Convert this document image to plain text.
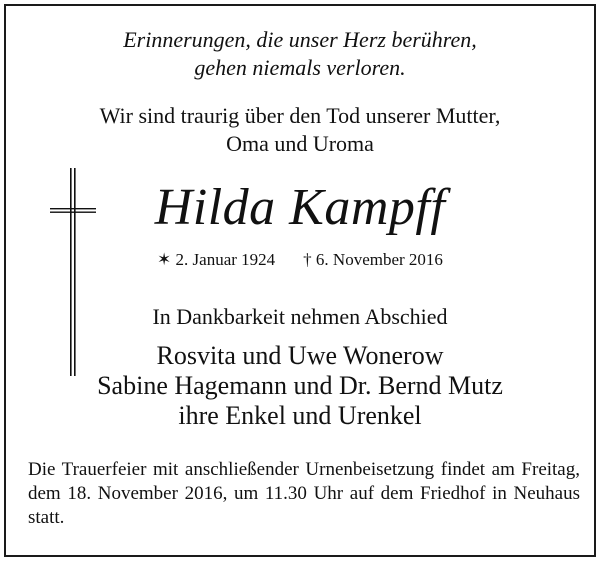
Erinnerungen, die unser Herz berühren,
gehen niemals verloren.
Wir sind traurig über den Tod unserer Mutter,
Oma und Uroma
Hilda Kampff
✶ 2. Januar 1924 † 6. November 2016
In Dankbarkeit nehmen Abschied
Rosvita und Uwe Wonerow
Sabine Hagemann und Dr. Bernd Mutz
ihre Enkel und Urenkel
Die Trauerfeier mit anschließender Urnenbeisetzung findet am Freitag, dem 18. November 2016, um 11.30 Uhr auf dem Friedhof in Neuhaus statt.
